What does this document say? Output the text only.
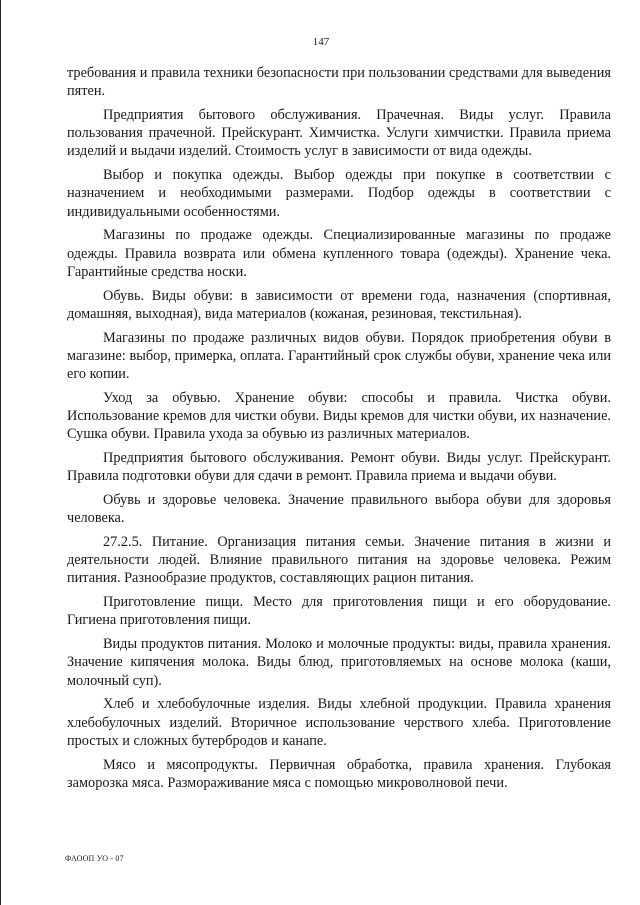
147

требования и правила техники безопасности при пользовании средствами для выведения пятен.

Предприятия бытового обслуживания. Прачечная. Виды услуг. Правила пользования прачечной. Прейскурант. Химчистка. Услуги химчистки. Правила приема изделий и выдачи изделий. Стоимость услуг в зависимости от вида одежды.

Выбор и покупка одежды. Выбор одежды при покупке в соответствии с назначением и необходимыми размерами. Подбор одежды в соответствии с индивидуальными особенностями.

Магазины по продаже одежды. Специализированные магазины по продаже одежды. Правила возврата или обмена купленного товара (одежды). Хранение чека. Гарантийные средства носки.

Обувь. Виды обуви: в зависимости от времени года, назначения (спортивная, домашняя, выходная), вида материалов (кожаная, резиновая, текстильная).

Магазины по продаже различных видов обуви. Порядок приобретения обуви в магазине: выбор, примерка, оплата. Гарантийный срок службы обуви, хранение чека или его копии.

Уход за обувью. Хранение обуви: способы и правила. Чистка обуви. Использование кремов для чистки обуви. Виды кремов для чистки обуви, их назначение. Сушка обуви. Правила ухода за обувью из различных материалов.

Предприятия бытового обслуживания. Ремонт обуви. Виды услуг. Прейскурант. Правила подготовки обуви для сдачи в ремонт. Правила приема и выдачи обуви.

Обувь и здоровье человека. Значение правильного выбора обуви для здоровья человека.

27.2.5. Питание. Организация питания семьи. Значение питания в жизни и деятельности людей. Влияние правильного питания на здоровье человека. Режим питания. Разнообразие продуктов, составляющих рацион питания.

Приготовление пищи. Место для приготовления пищи и его оборудование. Гигиена приготовления пищи.

Виды продуктов питания. Молоко и молочные продукты: виды, правила хранения. Значение кипячения молока. Виды блюд, приготовляемых на основе молока (каши, молочный суп).

Хлеб и хлебобулочные изделия. Виды хлебной продукции. Правила хранения хлебобулочных изделий. Вторичное использование черствого хлеба. Приготовление простых и сложных бутербродов и канапе.

Мясо и мясопродукты. Первичная обработка, правила хранения. Глубокая заморозка мяса. Размораживание мяса с помощью микроволновой печи.

ФАООП УО - 07
